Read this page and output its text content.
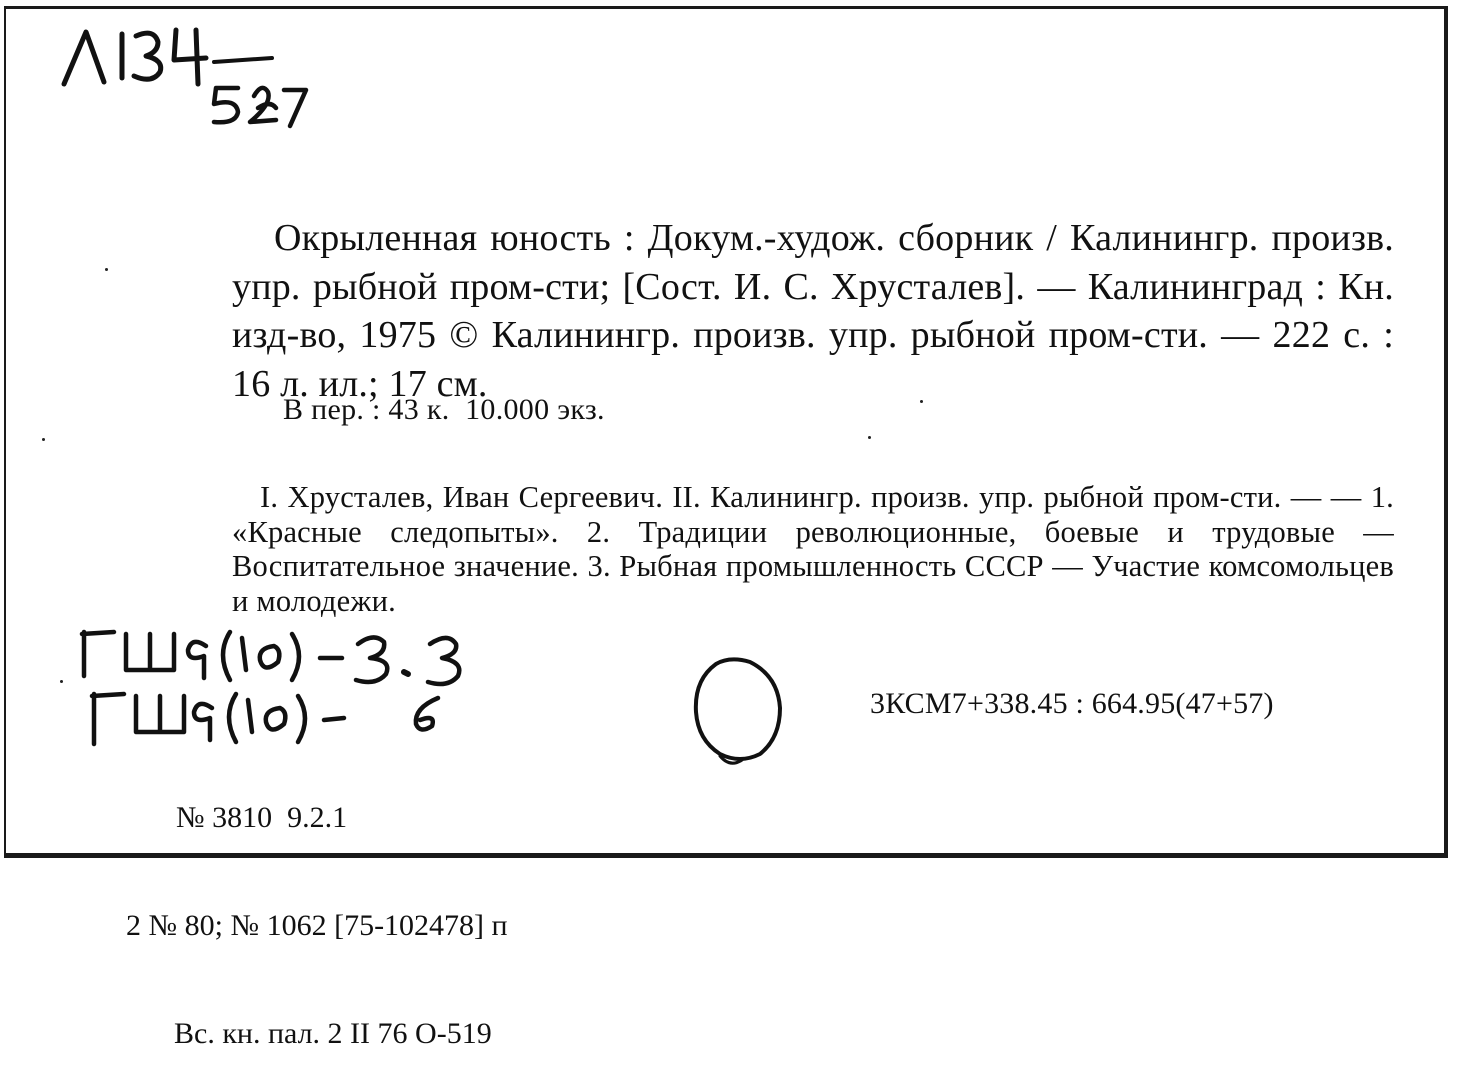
Окрыленная юность : Докум.-худож. сборник / Калинингр. произв. упр. рыбной пром-сти; [Сост. И. С. Хрусталев]. — Калининград : Кн. изд-во, 1975 © Калинингр. произв. упр. рыбной пром-сти. — 222 с. : 16 л. ил.; 17 см.

В пер. : 43 к.  10.000 экз.

I. Хрусталев, Иван Сергеевич. II. Калинингр. произв. упр. рыбной пром-сти. — — 1. «Красные следопыты». 2. Традиции революционные, боевые и трудовые — Воспитательное значение. 3. Рыбная промышленность СССР — Участие комсомольцев и молодежи.

3КСМ7+338.45 : 664.95(47+57)

№ 3810  9.2.1

2 № 80; № 1062 [75-102478] п

Вс. кн. пал. 2 II 76 О-519
